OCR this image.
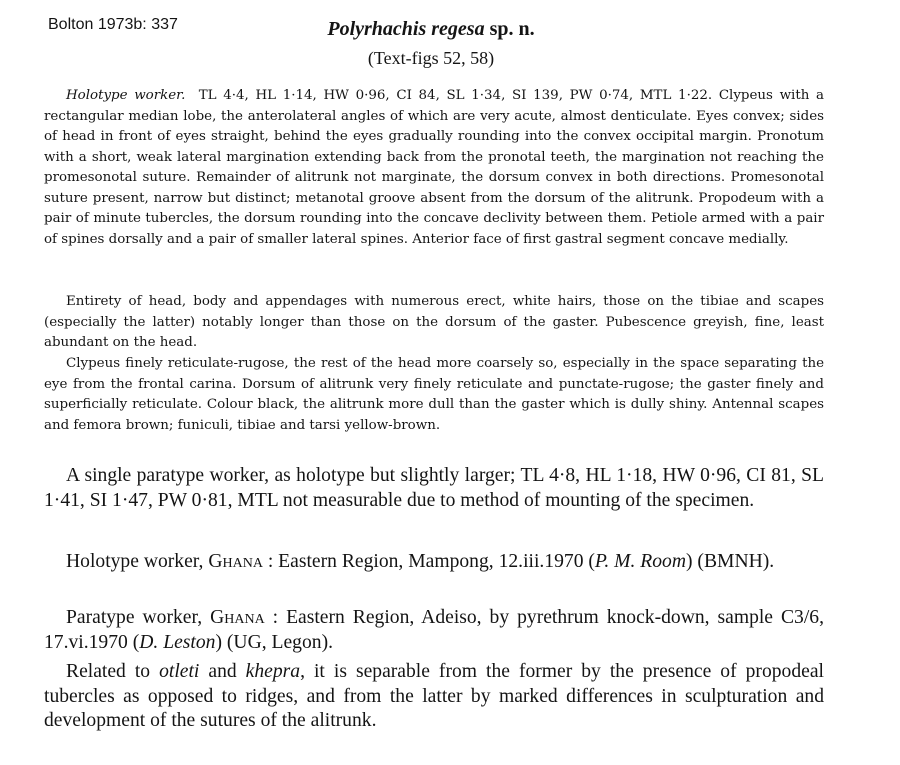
Bolton 1973b: 337	Polyrhachis regesa sp. n.
(Text-figs 52, 58)

Holotype worker. TL 4·4, HL 1·14, HW 0·96, CI 84, SL 1·34, SI 139, PW 0·74, MTL 1·22. Clypeus with a rectangular median lobe, the anterolateral angles of which are very acute, almost denticulate. Eyes convex; sides of head in front of eyes straight, behind the eyes gradually rounding into the convex occipital margin. Pronotum with a short, weak lateral margination extending back from the pronotal teeth, the margination not reaching the promesonotal suture. Remainder of alitrunk not marginate, the dorsum convex in both directions. Promesonotal suture present, narrow but distinct; metanotal groove absent from the dorsum of the alitrunk. Propodeum with a pair of minute tubercles, the dorsum rounding into the concave declivity between them. Petiole armed with a pair of spines dorsally and a pair of smaller lateral spines. Anterior face of first gastral segment concave medially.

Entirety of head, body and appendages with numerous erect, white hairs, those on the tibiae and scapes (especially the latter) notably longer than those on the dorsum of the gaster. Pubescence greyish, fine, least abundant on the head.

Clypeus finely reticulate-rugose, the rest of the head more coarsely so, especially in the space separating the eye from the frontal carina. Dorsum of alitrunk very finely reticulate and punctate-rugose; the gaster finely and superficially reticulate. Colour black, the alitrunk more dull than the gaster which is dully shiny. Antennal scapes and femora brown; funiculi, tibiae and tarsi yellow-brown.

A single paratype worker, as holotype but slightly larger; TL 4·8, HL 1·18, HW 0·96, CI 81, SL 1·41, SI 1·47, PW 0·81, MTL not measurable due to method of mounting of the specimen.

Holotype worker, Ghana : Eastern Region, Mampong, 12.iii.1970 (P. M. Room) (BMNH).

Paratype worker, Ghana : Eastern Region, Adeiso, by pyrethrum knock-down, sample C3/6, 17.vi.1970 (D. Leston) (UG, Legon).

Related to otleti and khepra, it is separable from the former by the presence of propodeal tubercles as opposed to ridges, and from the latter by marked differences in sculpturation and development of the sutures of the alitrunk.
